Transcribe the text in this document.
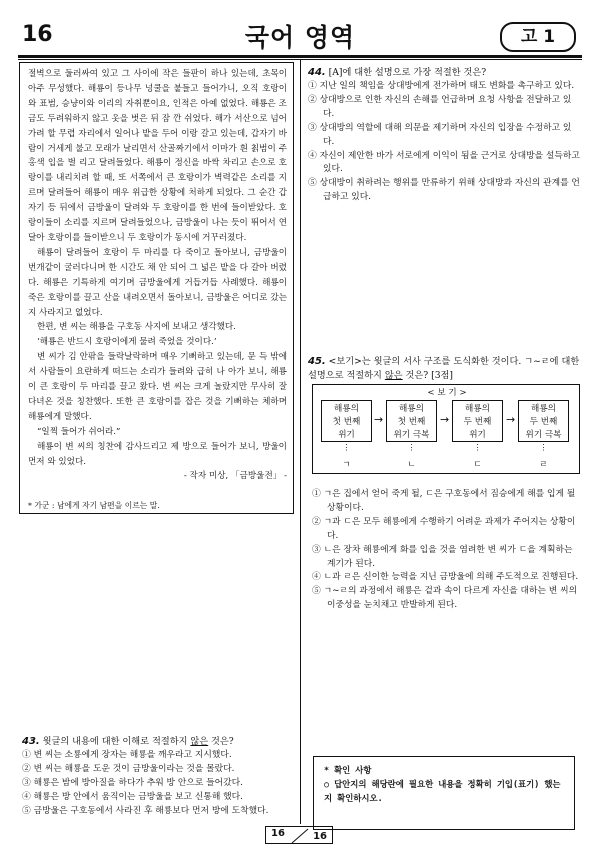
16	국어 영역	고 1

절벽으로 둘러싸여 있고 그 사이에 작은 들판이 하나 있는데, 초목이 아주 무성했다. 해룡이 등나무 넝쿨을 붙들고 들어가니, 오직 호랑이와 표범, 승냥이와 이리의 자취뿐이요, 인적은 아예 없었다. 해룡은 조금도 두려워하지 않고 옷을 벗은 뒤 잠 깐 쉬었다. 해가 서산으로 넘어가려 할 무렵 자리에서 일어나 밭을 두어 이랑 갈고 있는데, 갑자기 바람이 거세게 불고 모래가 날리면서 산골짜기에서 이마가 흰 칡범이 주홍색 입을 벌 리고 달려들었다. 해룡이 정신을 바싹 차리고 손으로 호랑이를 내리치려 할 때, 또 서쪽에서 큰 호랑이가 벽력같은 소리를 지르며 달려들어 해룡이 매우 위급한 상황에 처하게 되었다. 그 순간 갑자기 등 뒤에서 금방울이 달려와 두 호랑이를 한 번에 들이받았다. 호랑이들이 소리를 지르며 달려들었으나, 금방울이 나는 듯이 뛰어서 연달아 호랑이를 들이받으니 두 호랑이가 동시에 거꾸러졌다.

해룡이 달려들어 호랑이 두 마리를 다 죽이고 돌아보니, 금방울이 번개같이 굴러다니며 한 시간도 채 안 되어 그 넓은 밭을 다 갈아 버렸다. 해룡은 기특하게 여기며 금방울에게 거듭거듭 사례했다. 해룡이 죽은 호랑이를 끌고 산을 내려오면서 돌아보니, 금방울은 어디로 갔는지 사라지고 없었다.

한편, 변 씨는 해룡을 구호동 사지에 보내고 생각했다.

‘해룡은 반드시 호랑이에게 물려 죽었을 것이다.’

변 씨가 김 안팎을 들락날락하며 매우 기뻐하고 있는데, 문 득 밖에서 사람들이 요란하게 떠드는 소리가 들려와 급히 나 아가 보니, 해룡이 큰 호랑이 두 마리를 끌고 왔다. 변 씨는 크게 놀랐지만 무사히 잘 다녀온 것을 칭찬했다. 또한 큰 호랑이를 잡은 것을 기뻐하는 체하며 해룡에게 말했다.

“일찍 들어가 쉬어라.”

해룡이 변 씨의 칭찬에 감사드리고 제 방으로 들어가 보니, 방울이 먼저 와 있었다.

- 작자 미상, 「금방울전」 -

* 가군 : 남에게 자기 남편을 이르는 말.
44. [A]에 대한 설명으로 가장 적절한 것은?
① 지난 일의 책임을 상대방에게 전가하며 태도 변화를 촉구하고 있다.
② 상대방으로 인한 자신의 손해를 언급하며 요청 사항을 전달하고 있다.
③ 상대방의 역할에 대해 의문을 제기하며 자신의 입장을 수정하고 있다.
④ 자신이 제안한 바가 서로에게 이익이 됨을 근거로 상대방을 설득하고 있다.
⑤ 상대방이 취하려는 행위를 만류하기 위해 상대방과 자신의 관계를 언급하고 있다.
45. <보기>는 윗글의 서사 구조를 도식화한 것이다. ㄱ~ㄹ에 대한 설명으로 적절하지 않은 것은? [3점]
< 보 기 >
해룡의
첫 번째
위기
→
해룡의
첫 번째
위기 극복
→
해룡의
두 번째
위기
→
해룡의
두 번째
위기 극복
⋮	⋮	⋮	⋮
ㄱ	ㄴ	ㄷ	ㄹ
① ㄱ은 집에서 얻어 죽게 될, ㄷ은 구호동에서 짐승에게 해를 입게 될 상황이다.
② ㄱ과 ㄷ은 모두 해룡에게 수행하기 어려운 과제가 주어지는 상황이다.
③ ㄴ은 장차 해룡에게 화를 입을 것을 염려한 변 씨가 ㄷ을 계획하는 계기가 된다.
④ ㄴ과 ㄹ은 신이한 능력을 지닌 금방울에 의해 주도적으로 진행된다.
⑤ ㄱ~ㄹ의 과정에서 해룡은 겉과 속이 다르게 자신을 대하는 변 씨의 이중성을 눈치채고 반발하게 된다.
43. 윗글의 내용에 대한 이해로 적절하지 않은 것은?
① 변 씨는 소룡에게 장자는 해룡을 깨우라고 지시했다.
② 변 씨는 해룡을 도운 것이 금방울이라는 것을 몰랐다.
③ 해룡은 밤에 방아질을 하다가 추워 방 안으로 들어갔다.
④ 해룡은 방 안에서 움직이는 금방울을 보고 신통해 했다.
⑤ 금방울은 구호동에서 사라진 후 해룡보다 먼저 방에 도착했다.

* 확인 사항

○ 답안지의 해당란에 필요한 내용을 정확히 기입(표기) 했는지 확인하시오.

16	16
